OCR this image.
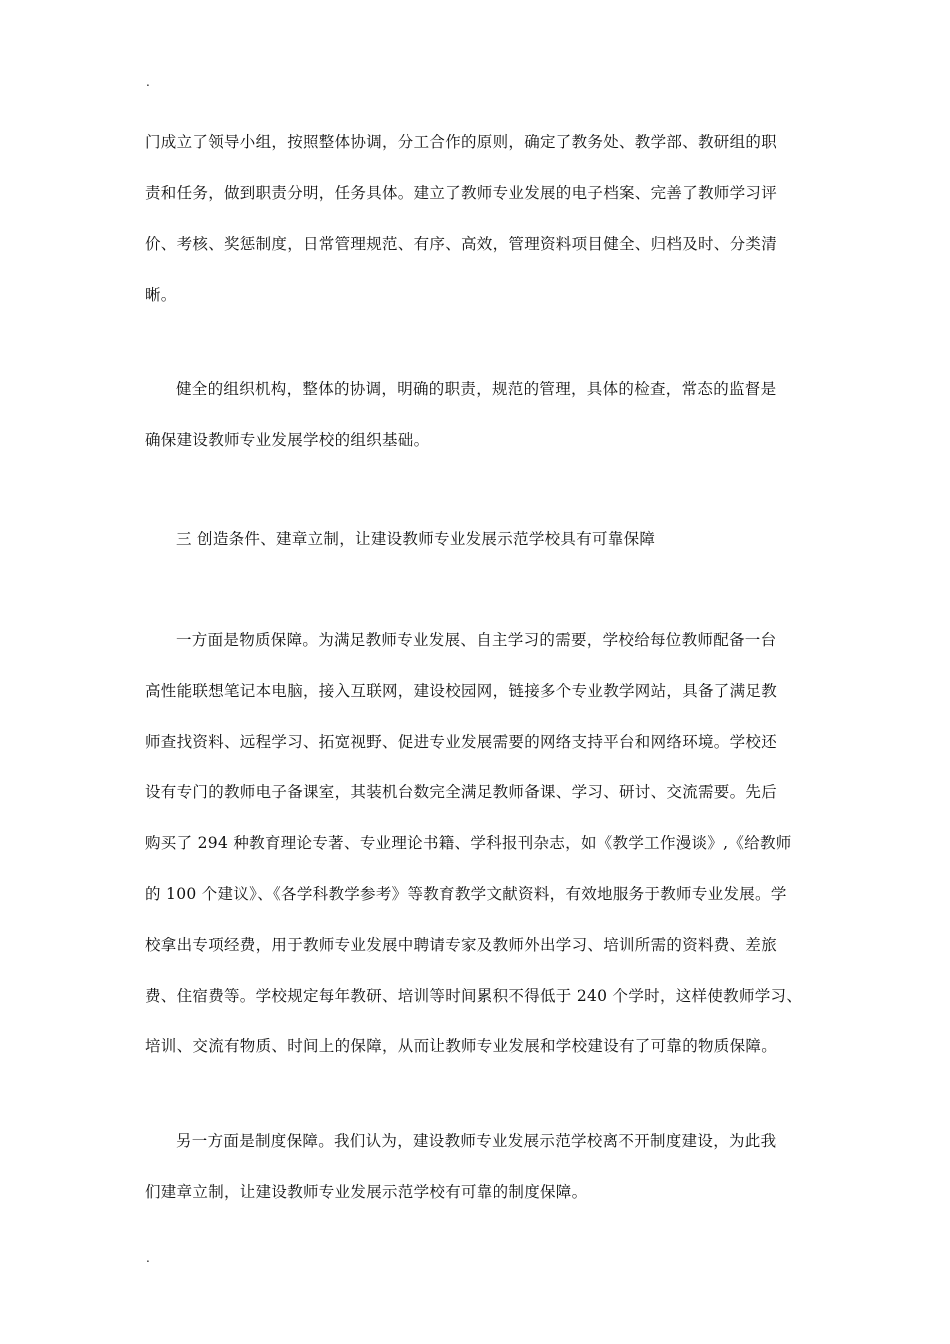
.
门成立了领导小组，按照整体协调，分工合作的原则，确定了教务处、教学部、教研组的职
责和任务，做到职责分明，任务具体。建立了教师专业发展的电子档案、完善了教师学习评
价、考核、奖惩制度，日常管理规范、有序、高效，管理资料项目健全、归档及时、分类清
晰。
健全的组织机构，整体的协调，明确的职责，规范的管理，具体的检查，常态的监督是
确保建设教师专业发展学校的组织基础。
三 创造条件、建章立制，让建设教师专业发展示范学校具有可靠保障
一方面是物质保障。为满足教师专业发展、自主学习的需要，学校给每位教师配备一台
高性能联想笔记本电脑，接入互联网，建设校园网，链接多个专业教学网站，具备了满足教
师查找资料、远程学习、拓宽视野、促进专业发展需要的网络支持平台和网络环境。学校还
设有专门的教师电子备课室，其装机台数完全满足教师备课、学习、研讨、交流需要。先后
购买了 294 种教育理论专著、专业理论书籍、学科报刊杂志，如《教学工作漫谈》,《给教师
的 100 个建议》、《各学科教学参考》等教育教学文献资料，有效地服务于教师专业发展。学
校拿出专项经费，用于教师专业发展中聘请专家及教师外出学习、培训所需的资料费、差旅
费、住宿费等。学校规定每年教研、培训等时间累积不得低于 240 个学时，这样使教师学习、
培训、交流有物质、时间上的保障，从而让教师专业发展和学校建设有了可靠的物质保障。
另一方面是制度保障。我们认为，建设教师专业发展示范学校离不开制度建设，为此我
们建章立制，让建设教师专业发展示范学校有可靠的制度保障。
.
